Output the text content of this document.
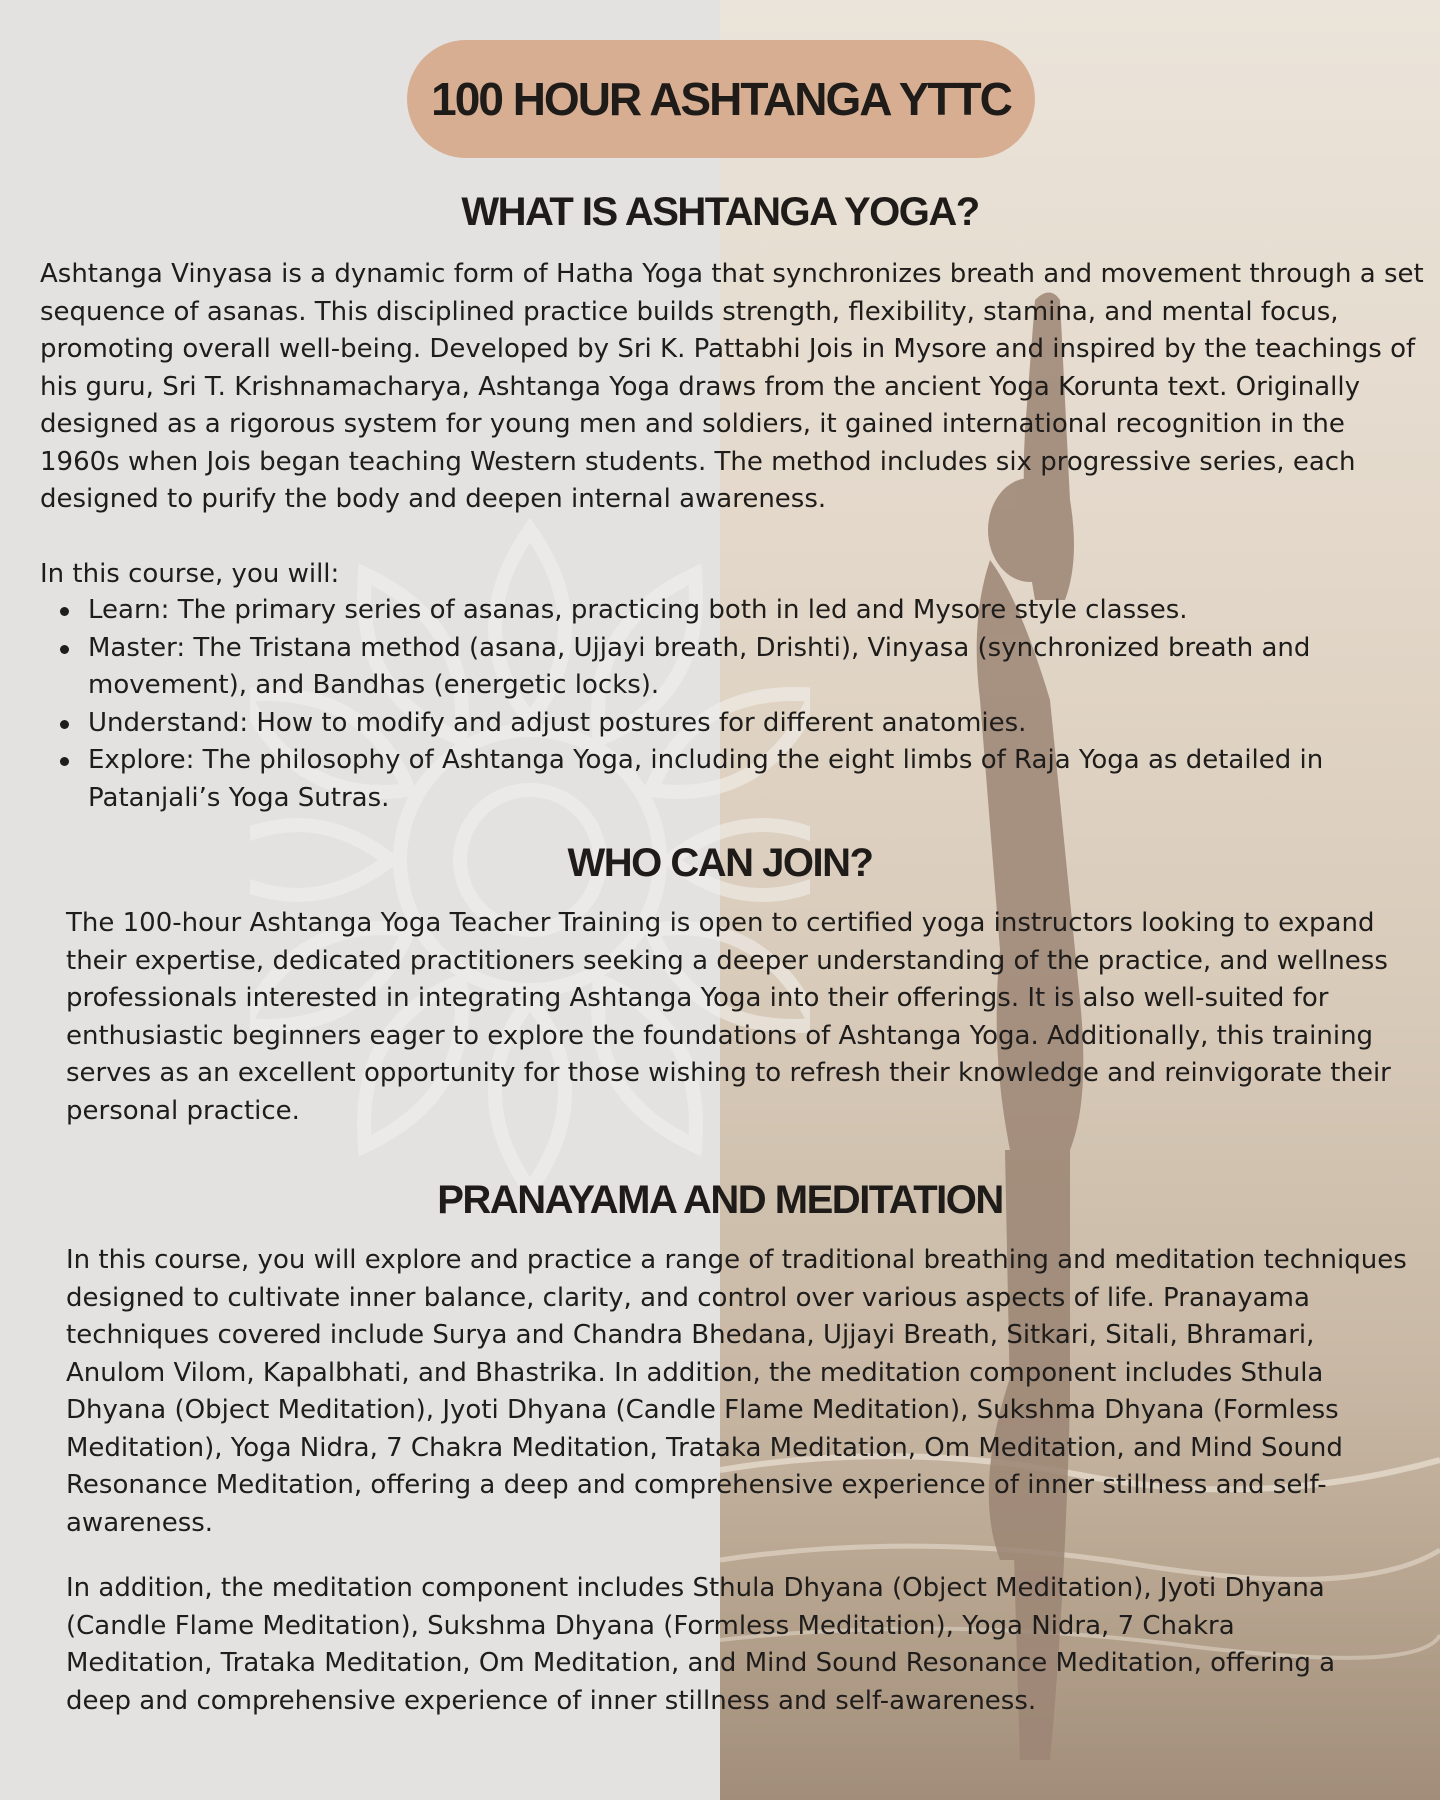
100 HOUR ASHTANGA YTTC
WHAT IS ASHTANGA YOGA?

Ashtanga Vinyasa is a dynamic form of Hatha Yoga that synchronizes breath and movement through a set sequence of asanas. This disciplined practice builds strength, flexibility, stamina, and mental focus, promoting overall well-being. Developed by Sri K. Pattabhi Jois in Mysore and inspired by the teachings of his guru, Sri T. Krishnamacharya, Ashtanga Yoga draws from the ancient Yoga Korunta text. Originally designed as a rigorous system for young men and soldiers, it gained international recognition in the 1960s when Jois began teaching Western students. The method includes six progressive series, each designed to purify the body and deepen internal awareness.

In this course, you will:

Learn: The primary series of asanas, practicing both in led and Mysore style classes.
Master: The Tristana method (asana, Ujjayi breath, Drishti), Vinyasa (synchronized breath and movement), and Bandhas (energetic locks).
Understand: How to modify and adjust postures for different anatomies.
Explore: The philosophy of Ashtanga Yoga, including the eight limbs of Raja Yoga as detailed in Patanjali’s Yoga Sutras.
WHO CAN JOIN?

The 100-hour Ashtanga Yoga Teacher Training is open to certified yoga instructors looking to expand their expertise, dedicated practitioners seeking a deeper understanding of the practice, and wellness professionals interested in integrating Ashtanga Yoga into their offerings. It is also well-suited for enthusiastic beginners eager to explore the foundations of Ashtanga Yoga. Additionally, this training serves as an excellent opportunity for those wishing to refresh their knowledge and reinvigorate their personal practice.

PRANAYAMA AND MEDITATION

In this course, you will explore and practice a range of traditional breathing and meditation techniques designed to cultivate inner balance, clarity, and control over various aspects of life. Pranayama techniques covered include Surya and Chandra Bhedana, Ujjayi Breath, Sitkari, Sitali, Bhramari, Anulom Vilom, Kapalbhati, and Bhastrika. In addition, the meditation component includes Sthula Dhyana (Object Meditation), Jyoti Dhyana (Candle Flame Meditation), Sukshma Dhyana (Formless Meditation), Yoga Nidra, 7 Chakra Meditation, Trataka Meditation, Om Meditation, and Mind Sound Resonance Meditation, offering a deep and comprehensive experience of inner stillness and self-awareness.

In addition, the meditation component includes Sthula Dhyana (Object Meditation), Jyoti Dhyana (Candle Flame Meditation), Sukshma Dhyana (Formless Meditation), Yoga Nidra, 7 Chakra Meditation, Trataka Meditation, Om Meditation, and Mind Sound Resonance Meditation, offering a deep and comprehensive experience of inner stillness and self-awareness.
